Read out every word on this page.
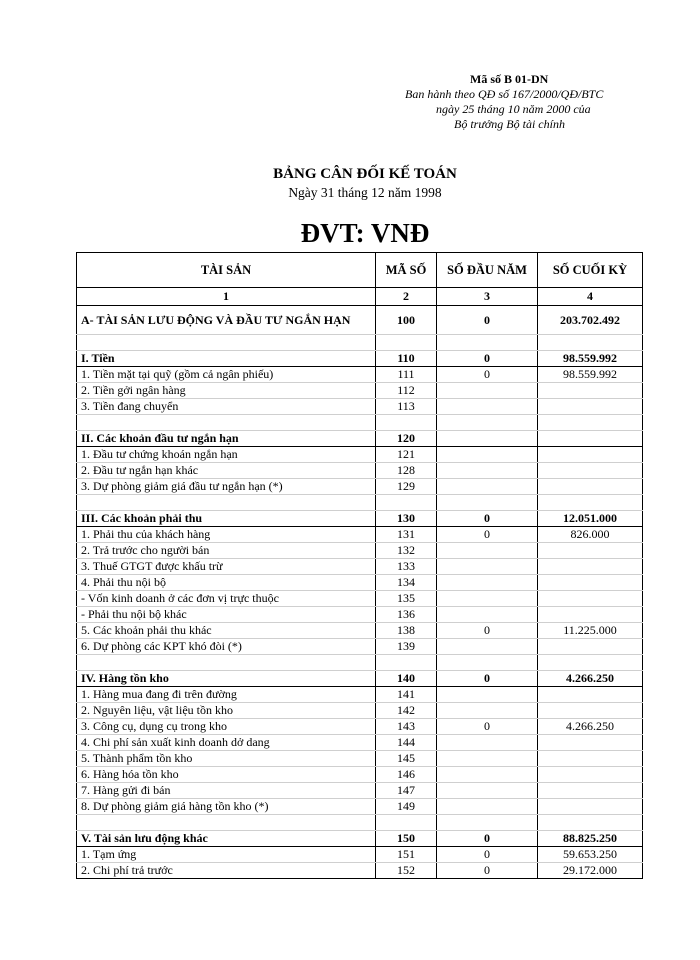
Mã số B 01-DN
Ban hành theo QĐ số 167/2000/QĐ/BTC
ngày 25 tháng 10 năm 2000 của
Bộ trưởng Bộ tài chính
BẢNG CÂN ĐỐI KẾ TOÁN
Ngày 31 tháng 12 năm 1998
ĐVT: VNĐ
TÀI SẢN	MÃ SỐ	SỐ ĐẦU NĂM	SỐ CUỐI KỲ
1	2	3	4
A- TÀI SẢN LƯU ĐỘNG VÀ ĐẦU TƯ NGẮN HẠN	100	0	203.702.492

I. Tiền	110	0	98.559.992
1. Tiền mặt tại quỹ (gồm cả ngân phiếu)	111	0	98.559.992
2. Tiền gởi ngân hàng	112		
3. Tiền đang chuyển	113		

II. Các khoản đầu tư ngắn hạn	120		
1. Đầu tư chứng khoán ngắn hạn	121		
2. Đầu tư ngắn hạn khác	128		
3. Dự phòng giảm giá đầu tư ngắn hạn (*)	129		

III. Các khoản phải thu	130	0	12.051.000
1. Phải thu của khách hàng	131	0	826.000
2. Trả trước cho người bán	132		
3. Thuế GTGT được khấu trừ	133		
4. Phải thu nội bộ	134		
- Vốn kinh doanh ở các đơn vị trực thuộc	135		
- Phải thu nội bộ khác	136		
5. Các khoản phải thu khác	138	0	11.225.000
6. Dự phòng các KPT khó đòi (*)	139		

IV. Hàng tồn kho	140	0	4.266.250
1. Hàng mua đang đi trên đường	141		
2. Nguyên liệu, vật liệu tồn kho	142		
3. Công cụ, dụng cụ trong kho	143	0	4.266.250
4. Chi phí sản xuất kinh doanh dở dang	144		
5. Thành phẩm tồn kho	145		
6. Hàng hóa tồn kho	146		
7. Hàng gửi đi bán	147		
8. Dự phòng giảm giá hàng tồn kho (*)	149		

V. Tài sản lưu động khác	150	0	88.825.250
1. Tạm ứng	151	0	59.653.250
2. Chi phí trả trước	152	0	29.172.000
